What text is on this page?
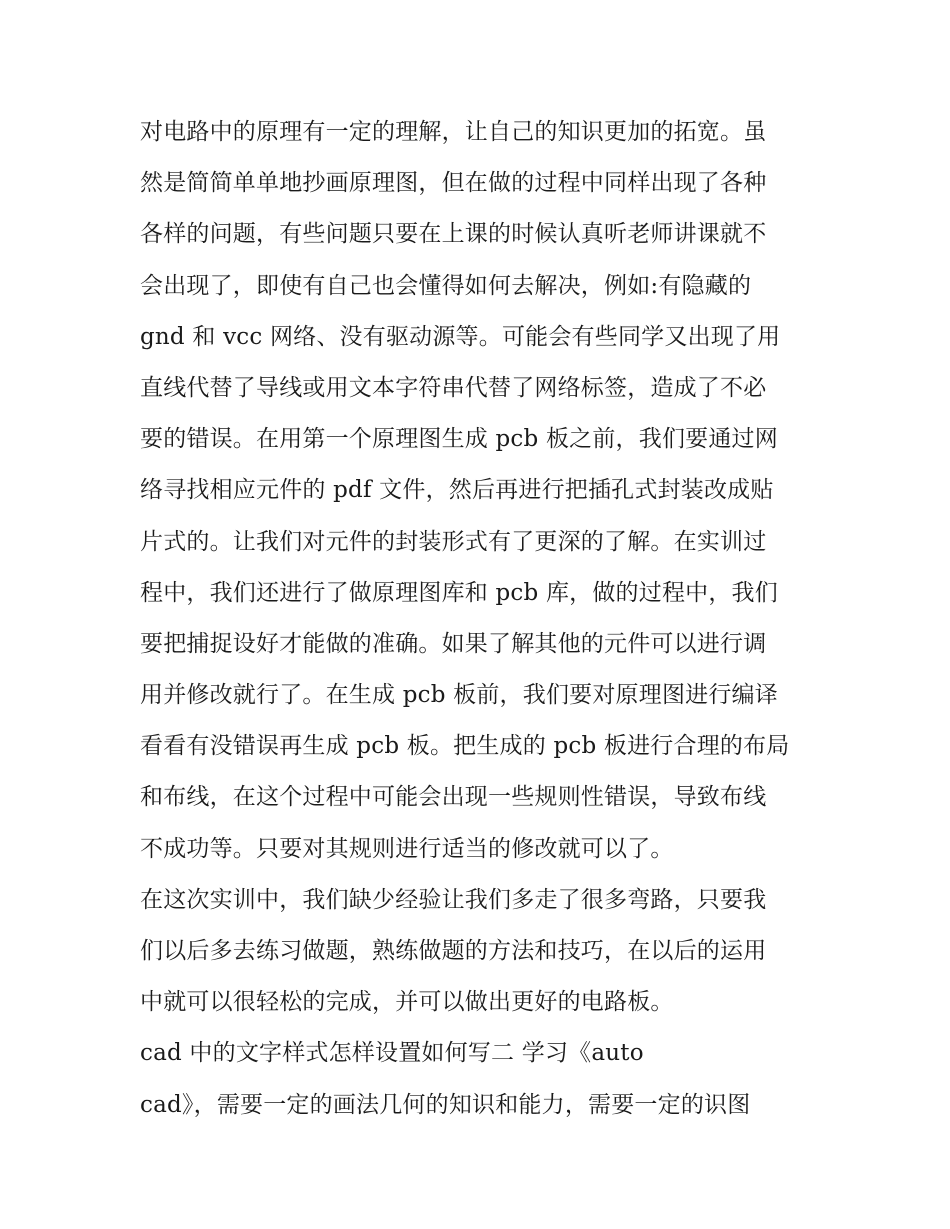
对电路中的原理有一定的理解，让自己的知识更加的拓宽。虽
然是简简单单地抄画原理图，但在做的过程中同样出现了各种
各样的问题，有些问题只要在上课的时候认真听老师讲课就不
会出现了，即使有自己也会懂得如何去解决，例如:有隐藏的
gnd 和 vcc 网络、没有驱动源等。可能会有些同学又出现了用
直线代替了导线或用文本字符串代替了网络标签，造成了不必
要的错误。在用第一个原理图生成 pcb 板之前，我们要通过网
络寻找相应元件的 pdf 文件，然后再进行把插孔式封装改成贴
片式的。让我们对元件的封装形式有了更深的了解。在实训过
程中，我们还进行了做原理图库和 pcb 库，做的过程中，我们
要把捕捉设好才能做的准确。如果了解其他的元件可以进行调
用并修改就行了。在生成 pcb 板前，我们要对原理图进行编译
看看有没错误再生成 pcb 板。把生成的 pcb 板进行合理的布局
和布线，在这个过程中可能会出现一些规则性错误，导致布线
不成功等。只要对其规则进行适当的修改就可以了。
在这次实训中，我们缺少经验让我们多走了很多弯路，只要我
们以后多去练习做题，熟练做题的方法和技巧，在以后的运用
中就可以很轻松的完成，并可以做出更好的电路板。
cad 中的文字样式怎样设置如何写二 学习《auto
cad》，需要一定的画法几何的知识和能力，需要一定的识图
